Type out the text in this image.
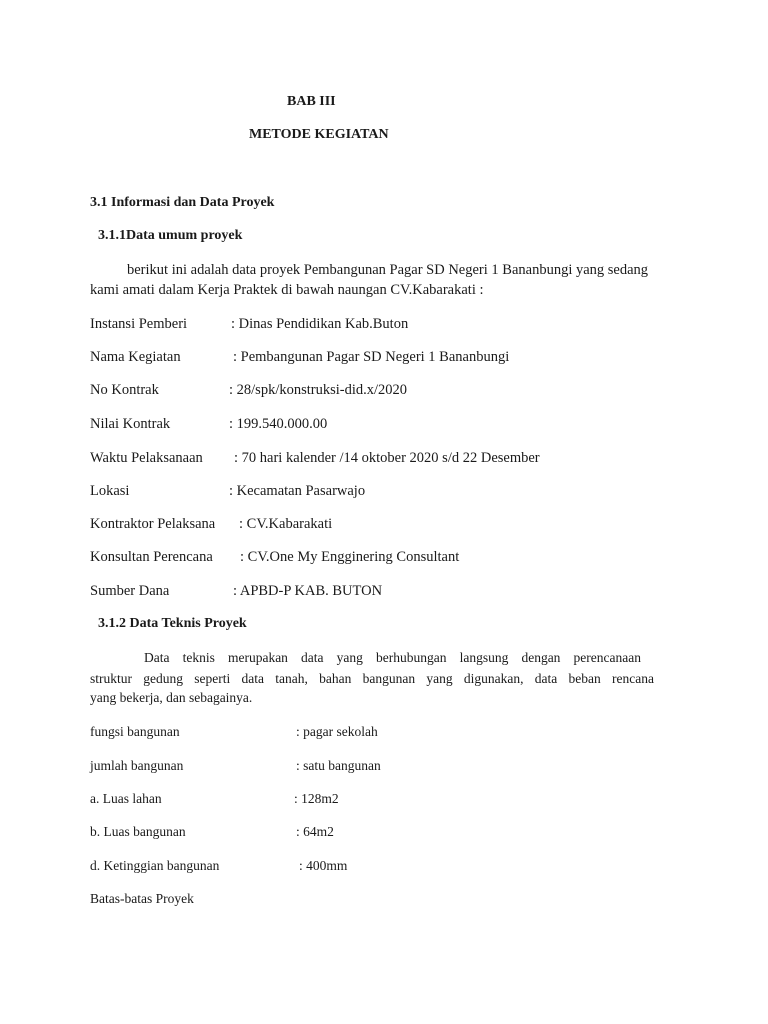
BAB III
METODE KEGIATAN
3.1 Informasi dan Data Proyek
3.1.1Data umum proyek
berikut ini adalah data proyek Pembangunan Pagar SD Negeri 1 Bananbungi yang sedang
kami amati dalam Kerja Praktek di bawah naungan CV.Kabarakati :
Instansi Pemberi	: Dinas Pendidikan Kab.Buton
Nama Kegiatan	: Pembangunan Pagar SD Negeri 1 Bananbungi
No Kontrak	: 28/spk/konstruksi-did.x/2020
Nilai Kontrak	: 199.540.000.00
Waktu Pelaksanaan : 70 hari kalender /14 oktober 2020 s/d 22 Desember
Lokasi	: Kecamatan Pasarwajo
Kontraktor Pelaksana : CV.Kabarakati
Konsultan Perencana : CV.One My Engginering Consultant
Sumber Dana	: APBD-P KAB. BUTON
3.1.2 Data Teknis Proyek
Data teknis merupakan data yang berhubungan langsung dengan perencanaan
struktur gedung seperti data tanah, bahan bangunan yang digunakan, data beban rencana
yang bekerja, dan sebagainya.
fungsi bangunan	: pagar sekolah
jumlah bangunan	: satu bangunan
a. Luas lahan	: 128m2
b. Luas bangunan	: 64m2
d. Ketinggian bangunan	: 400mm
Batas-batas Proyek
